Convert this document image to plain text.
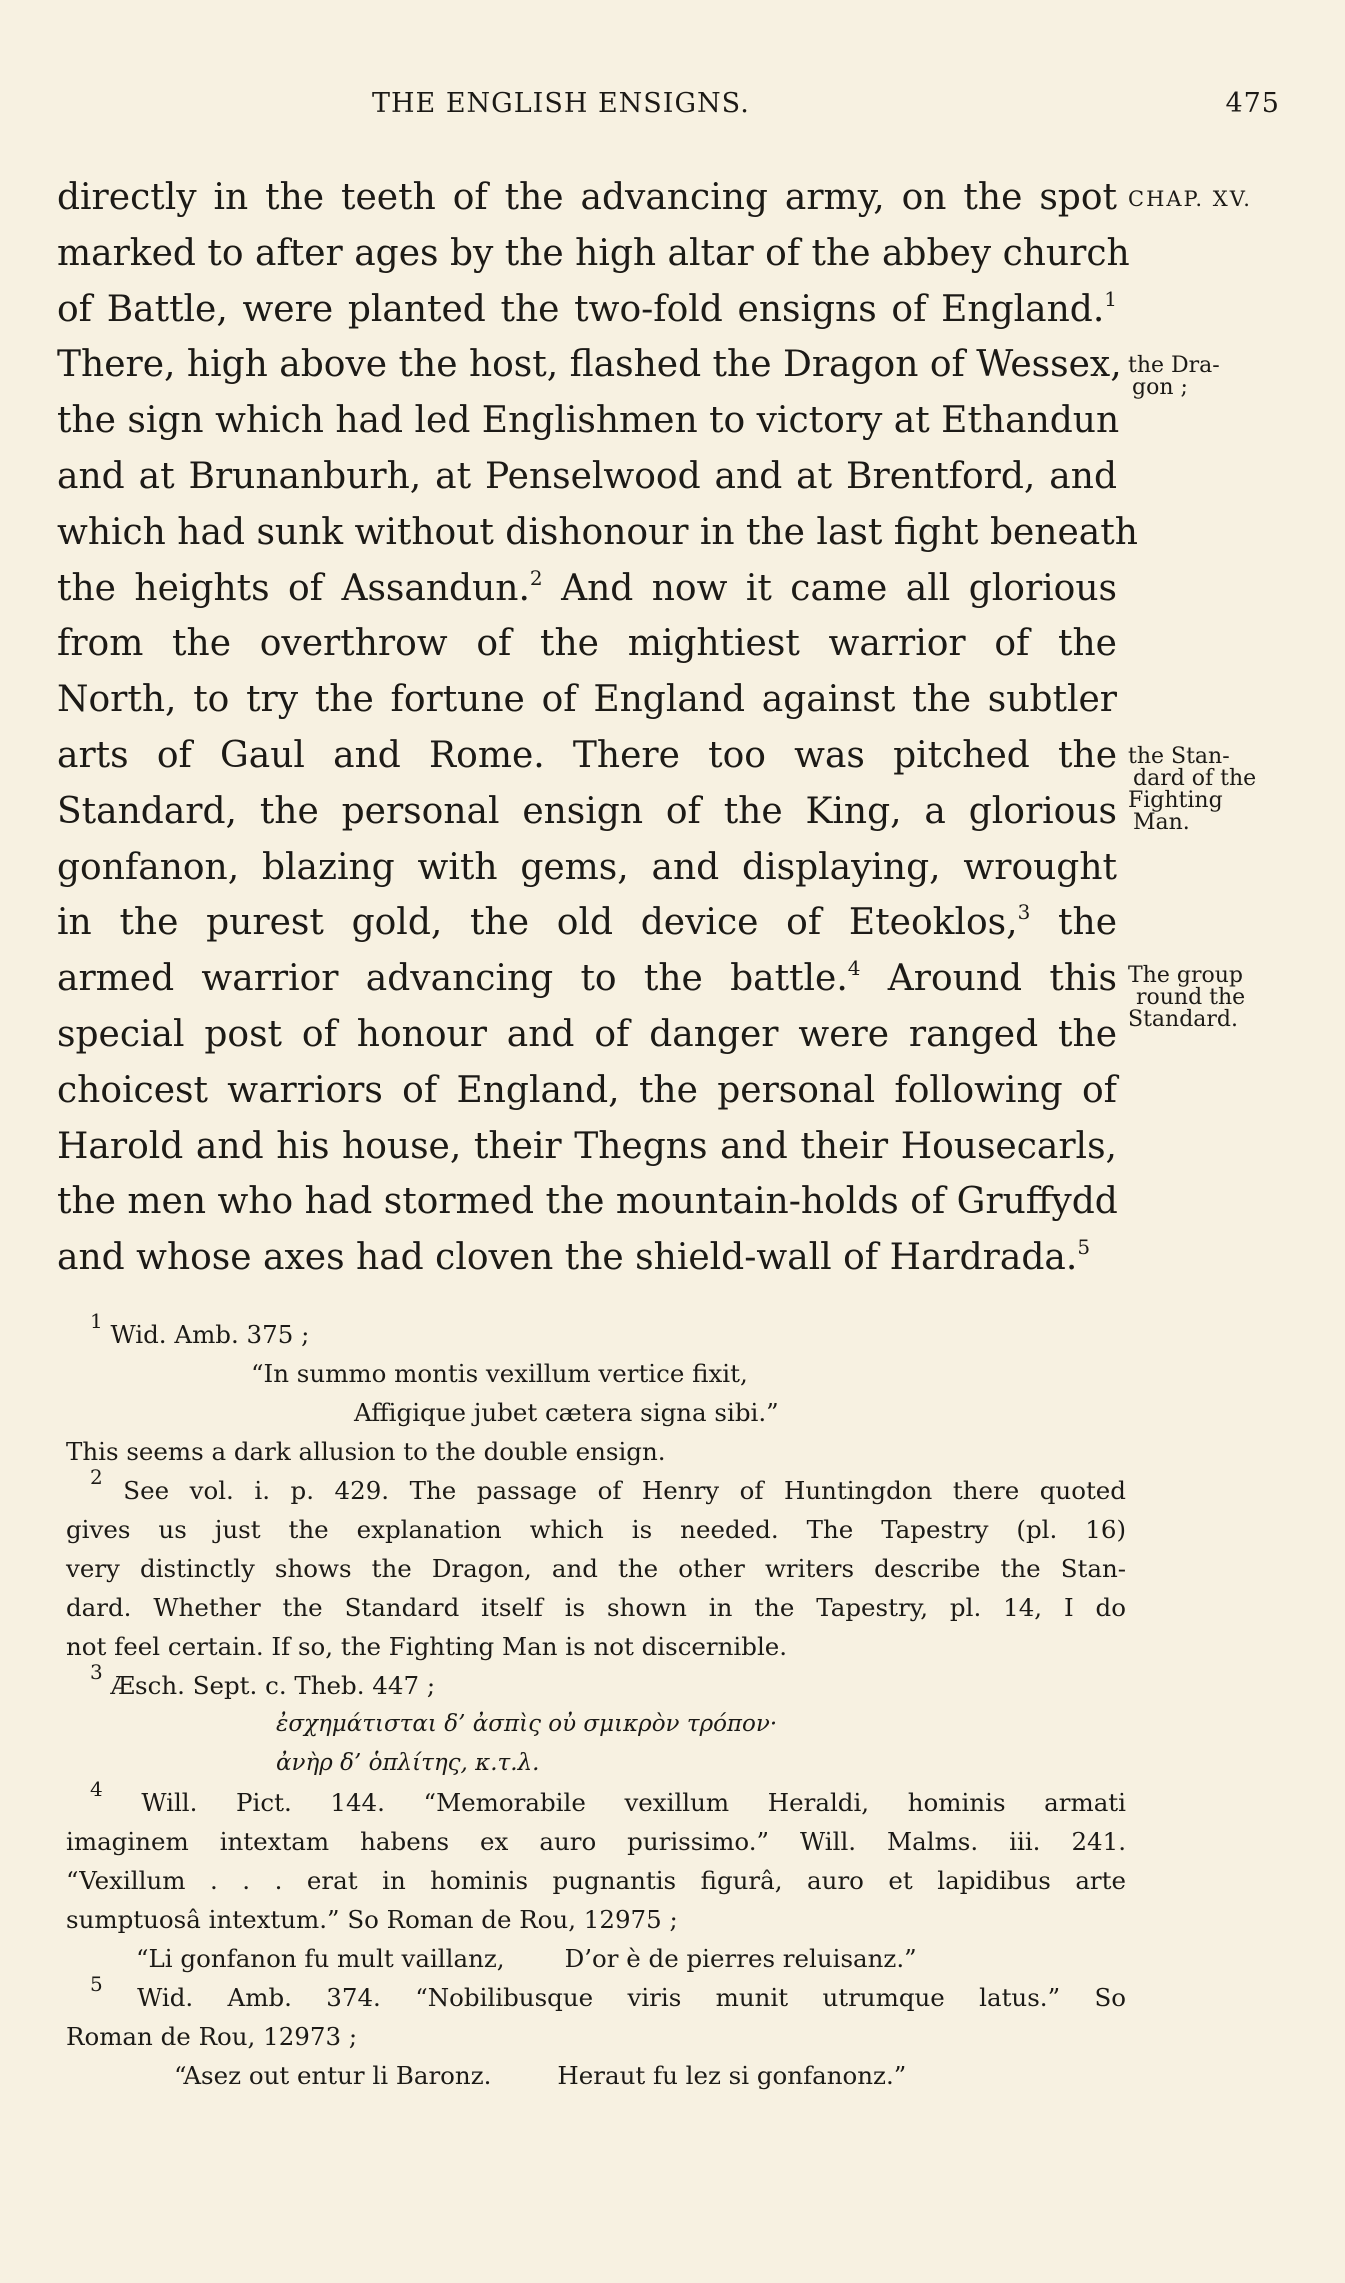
THE ENGLISH ENSIGNS.	475
directly in the teeth of the advancing army, on the spot
marked to after ages by the high altar of the abbey church
of Battle, were planted the two-fold ensigns of England.$^1$
There, high above the host, flashed the Dragon of Wessex,
the sign which had led Englishmen to victory at Ethandun
and at Brunanburh, at Penselwood and at Brentford, and
which had sunk without dishonour in the last fight beneath
the heights of Assandun.$^2$ And now it came all glorious
from the overthrow of the mightiest warrior of the
North, to try the fortune of England against the subtler
arts of Gaul and Rome. There too was pitched the
Standard, the personal ensign of the King, a glorious
gonfanon, blazing with gems, and displaying, wrought
in the purest gold, the old device of Eteoklos,$^3$ the
armed warrior advancing to the battle.$^4$ Around this
special post of honour and of danger were ranged the
choicest warriors of England, the personal following of
Harold and his house, their Thegns and their Housecarls,
the men who had stormed the mountain-holds of Gruffydd
and whose axes had cloven the shield-wall of Hardrada.$^5$
CHAP. XV.
the Dra-
gon ;
the Stan-
dard of the
Fighting
Man.
The group
round the
Standard.
$^1$ Wid. Amb. 375 ;
“In summo montis vexillum vertice fixit,
Affigique jubet cætera signa sibi.”
This seems a dark allusion to the double ensign.
$^2$ See vol. i. p. 429. The passage of Henry of Huntingdon there quoted
gives us just the explanation which is needed. The Tapestry (pl. 16)
very distinctly shows the Dragon, and the other writers describe the Stan-
dard. Whether the Standard itself is shown in the Tapestry, pl. 14, I do
not feel certain. If so, the Fighting Man is not discernible.
$^3$ Æsch. Sept. c. Theb. 447 ;
ἐσχημάτισται δ’ ἀσπὶς οὐ σμικρὸν τρόπον·
ἀνὴρ δ’ ὁπλίτης, κ.τ.λ.
$^4$ Will. Pict. 144. “Memorabile vexillum Heraldi, hominis armati
imaginem intextam habens ex auro purissimo.” Will. Malms. iii. 241.
“Vexillum . . . erat in hominis pugnantis figurâ, auro et lapidibus arte
sumptuosâ intextum.” So Roman de Rou, 12975 ;
“Li gonfanon fu mult vaillanz, D’or è de pierres reluisanz.”
$^5$ Wid. Amb. 374. “Nobilibusque viris munit utrumque latus.” So
Roman de Rou, 12973 ;
“Asez out entur li Baronz.	Heraut fu lez si gonfanonz.”
